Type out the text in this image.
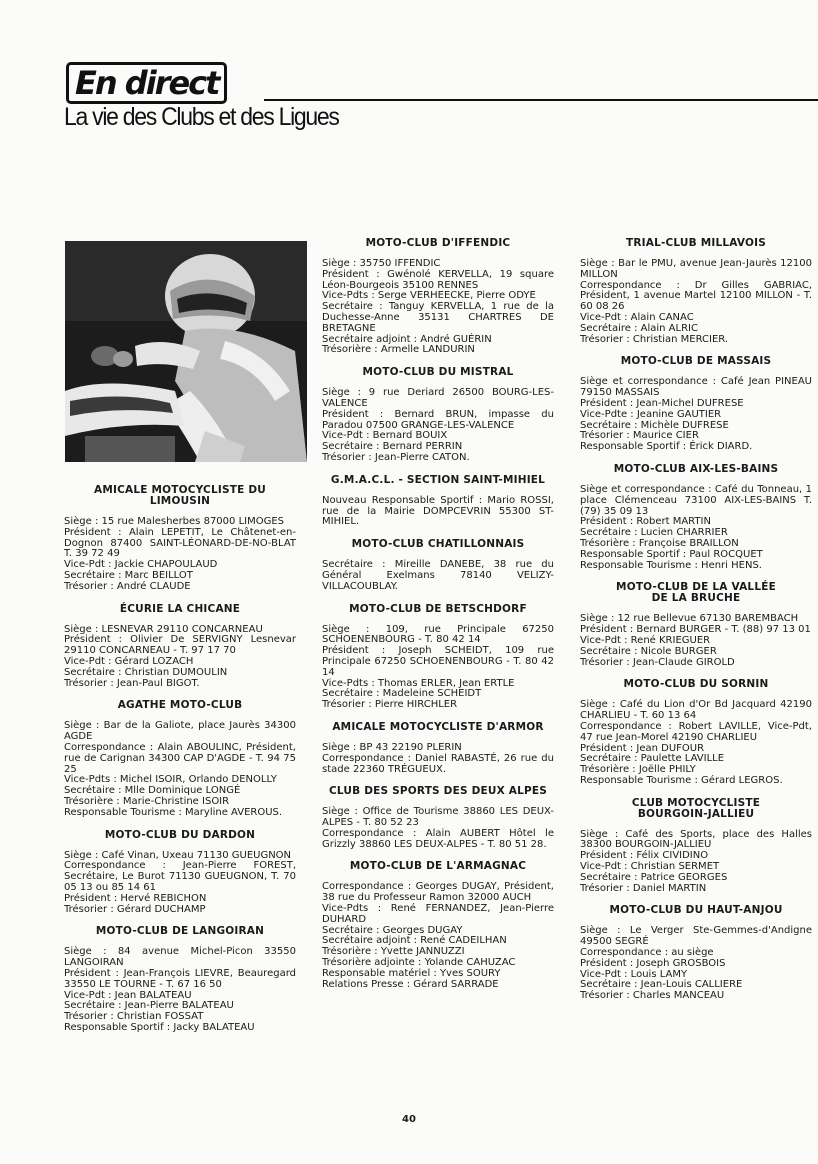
En direct
La vie des Clubs et des Ligues
AMICALE MOTOCYCLISTE DU LIMOUSIN
Siège : 15 rue Malesherbes 87000 LIMOGES
Président : Alain LEPETIT, Le Châtenet-en-Dognon 87400 SAINT-LÉONARD-DE-NO-BLAT T. 39 72 49
Vice-Pdt : Jackie CHAPOULAUD
Secrétaire : Marc BEILLOT
Trésorier : André CLAUDE
ÉCURIE LA CHICANE
Siège : LESNEVAR 29110 CONCARNEAU
Président : Olivier De SERVIGNY Lesnevar 29110 CONCARNEAU - T. 97 17 70
Vice-Pdt : Gérard LOZACH
Secrétaire : Christian DUMOULIN
Trésorier : Jean-Paul BIGOT.
AGATHE MOTO-CLUB
Siège : Bar de la Galiote, place Jaurès 34300 AGDE
Correspondance : Alain ABOULINC, Président, rue de Carignan 34300 CAP D'AGDE - T. 94 75 25
Vice-Pdts : Michel ISOIR, Orlando DENOLLY
Secrétaire : Mlle Dominique LONGÉ
Trésorière : Marie-Christine ISOIR
Responsable Tourisme : Maryline AVEROUS.
MOTO-CLUB DU DARDON
Siège : Café Vinan, Uxeau 71130 GUEUGNON
Correspondance : Jean-Pierre FOREST, Secrétaire, Le Burot 71130 GUEUGNON, T. 70 05 13 ou 85 14 61
Président : Hervé REBICHON
Trésorier : Gérard DUCHAMP
MOTO-CLUB DE LANGOIRAN
Siège : 84 avenue Michel-Picon 33550 LANGOIRAN
Président : Jean-François LIEVRE, Beauregard 33550 LE TOURNE - T. 67 16 50
Vice-Pdt : Jean BALATEAU
Secrétaire : Jean-Pierre BALATEAU
Trésorier : Christian FOSSAT
Responsable Sportif : Jacky BALATEAU
MOTO-CLUB D'IFFENDIC
Siège : 35750 IFFENDIC
Président : Gwénolé KERVELLA, 19 square Léon-Bourgeois 35100 RENNES
Vice-Pdts : Serge VERHEECKE, Pierre ODYE
Secrétaire : Tanguy KERVELLA, 1 rue de la Duchesse-Anne 35131 CHARTRES DE BRETAGNE
Secrétaire adjoint : André GUÉRIN
Trésorière : Armelle LANDURIN
MOTO-CLUB DU MISTRAL
Siège : 9 rue Deriard 26500 BOURG-LES-VALENCE
Président : Bernard BRUN, impasse du Paradou 07500 GRANGE-LES-VALENCE
Vice-Pdt : Bernard BOUIX
Secrétaire : Bernard PERRIN
Trésorier : Jean-Pierre CATON.
G.M.A.C.L. - SECTION SAINT-MIHIEL
Nouveau Responsable Sportif : Mario ROSSI, rue de la Mairie DOMPCEVRIN 55300 ST-MIHIEL.
MOTO-CLUB CHATILLONNAIS
Secrétaire : Mireille DANEBE, 38 rue du Général Exelmans 78140 VELIZY-VILLACOUBLAY.
MOTO-CLUB DE BETSCHDORF
Siège : 109, rue Principale 67250 SCHOENENBOURG - T. 80 42 14
Président : Joseph SCHEIDT, 109 rue Principale 67250 SCHOENENBOURG - T. 80 42 14
Vice-Pdts : Thomas ERLER, Jean ERTLE
Secrétaire : Madeleine SCHEIDT
Trésorier : Pierre HIRCHLER
AMICALE MOTOCYCLISTE D'ARMOR
Siège : BP 43 22190 PLERIN
Correspondance : Daniel RABASTÉ, 26 rue du stade 22360 TRÉGUEUX.
CLUB DES SPORTS DES DEUX ALPES
Siège : Office de Tourisme 38860 LES DEUX-ALPES - T. 80 52 23
Correspondance : Alain AUBERT Hôtel le Grizzly 38860 LES DEUX-ALPES - T. 80 51 28.
MOTO-CLUB DE L'ARMAGNAC
Correspondance : Georges DUGAY, Président, 38 rue du Professeur Ramon 32000 AUCH
Vice-Pdts : René FERNANDEZ, Jean-Pierre DUHARD
Secrétaire : Georges DUGAY
Secrétaire adjoint : René CADEILHAN
Trésorière : Yvette JANNUZZI
Trésorière adjointe : Yolande CAHUZAC
Responsable matériel : Yves SOURY
Relations Presse : Gérard SARRADE
TRIAL-CLUB MILLAVOIS
Siège : Bar le PMU, avenue Jean-Jaurès 12100 MILLON
Correspondance : Dr Gilles GABRIAC, Président, 1 avenue Martel 12100 MILLON - T. 60 08 26
Vice-Pdt : Alain CANAC
Secrétaire : Alain ALRIC
Trésorier : Christian MERCIER.
MOTO-CLUB DE MASSAIS
Siège et correspondance : Café Jean PINEAU 79150 MASSAIS
Président : Jean-Michel DUFRESE
Vice-Pdte : Jeanine GAUTIER
Secrétaire : Michèle DUFRESE
Trésorier : Maurice CIER
Responsable Sportif : Érick DIARD.
MOTO-CLUB AIX-LES-BAINS
Siège et correspondance : Café du Tonneau, 1 place Clémenceau 73100 AIX-LES-BAINS T. (79) 35 09 13
Président : Robert MARTIN
Secrétaire : Lucien CHARRIER
Trésorière : Françoise BRAILLON
Responsable Sportif : Paul ROCQUET
Responsable Tourisme : Henri HENS.
MOTO-CLUB DE LA VALLÉE
DE LA BRUCHE
Siège : 12 rue Bellevue 67130 BAREMBACH
Président : Bernard BURGER - T. (88) 97 13 01
Vice-Pdt : René KRIEGUER
Secrétaire : Nicole BURGER
Trésorier : Jean-Claude GIROLD
MOTO-CLUB DU SORNIN
Siège : Café du Lion d'Or Bd Jacquard 42190 CHARLIEU - T. 60 13 64
Correspondance : Robert LAVILLE, Vice-Pdt, 47 rue Jean-Morel 42190 CHARLIEU
Président : Jean DUFOUR
Secrétaire : Paulette LAVILLE
Trésorière : Joëlle PHILY
Responsable Tourisme : Gérard LEGROS.
CLUB MOTOCYCLISTE
BOURGOIN-JALLIEU
Siège : Café des Sports, place des Halles 38300 BOURGOIN-JALLIEU
Président : Félix CIVIDINO
Vice-Pdt : Christian SERMET
Secrétaire : Patrice GEORGES
Trésorier : Daniel MARTIN
MOTO-CLUB DU HAUT-ANJOU
Siège : Le Verger Ste-Gemmes-d'Andigne 49500 SEGRÉ
Correspondance : au siège
Président : Joseph GROSBOIS
Vice-Pdt : Louis LAMY
Secrétaire : Jean-Louis CALLIERE
Trésorier : Charles MANCEAU
40
